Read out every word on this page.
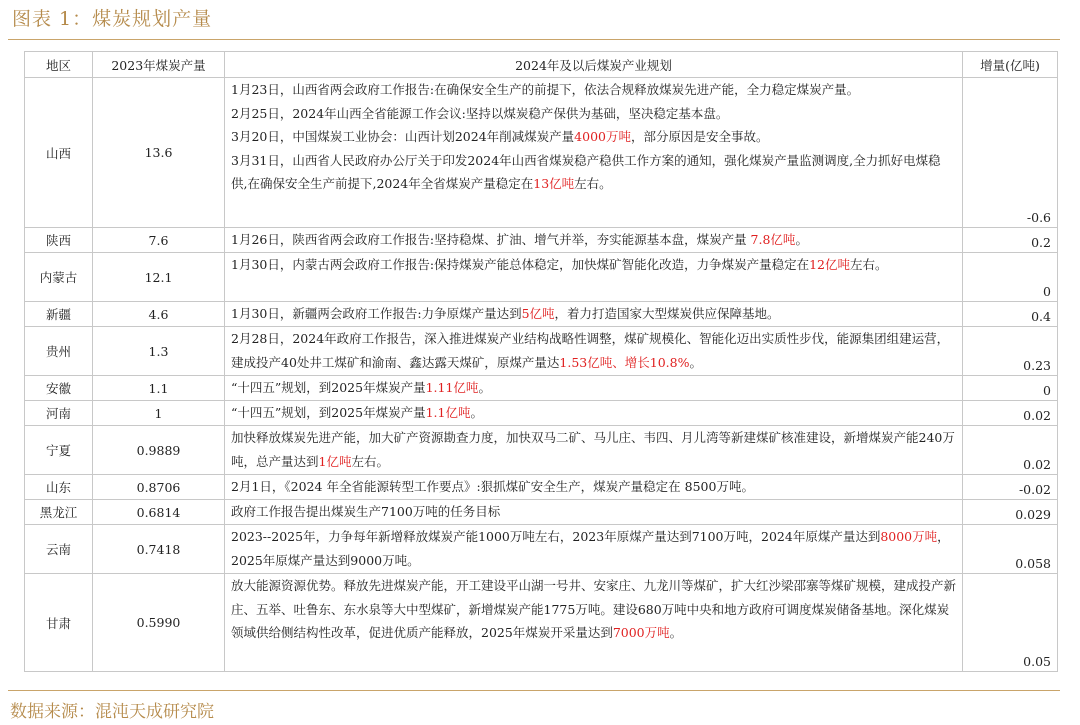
图表 1：煤炭规划产量
地区	2023年煤炭产量	2024年及以后煤炭产业规划	增量(亿吨)
山西	13.6	1月23日，山西省两会政府工作报告:在确保安全生产的前提下，依法合规释放煤炭先进产能，全力稳定煤炭产量。
2月25日，2024年山西全省能源工作会议:坚持以煤炭稳产保供为基础，坚决稳定基本盘。
3月20日，中国煤炭工业协会：山西计划2024年削减煤炭产量4000万吨，部分原因是安全事故。
3月31日，山西省人民政府办公厅关于印发2024年山西省煤炭稳产稳供工作方案的通知，强化煤炭产量监测调度,全力抓好电煤稳供,在确保安全生产前提下,2024年全省煤炭产量稳定在13亿吨左右。	-0.6
陕西	7.6	1月26日，陕西省两会政府工作报告:坚持稳煤、扩油、增气并举，夯实能源基本盘，煤炭产量 7.8亿吨。	0.2
内蒙古	12.1	1月30日，内蒙古两会政府工作报告:保持煤炭产能总体稳定，加快煤矿智能化改造，力争煤炭产量稳定在12亿吨左右。	0
新疆	4.6	1月30日，新疆两会政府工作报告:力争原煤产量达到5亿吨，着力打造国家大型煤炭供应保障基地。	0.4
贵州	1.3	2月28日，2024年政府工作报告，深入推进煤炭产业结构战略性调整，煤矿规模化、智能化迈出实质性步伐，能源集团组建运营，建成投产40处井工煤矿和渝南、鑫达露天煤矿，原煤产量达1.53亿吨、增长10.8%。	0.23
安徽	1.1	“十四五”规划，到2025年煤炭产量1.11亿吨。	0
河南	1	“十四五”规划，到2025年煤炭产量1.1亿吨。	0.02
宁夏	0.9889	加快释放煤炭先进产能，加大矿产资源勘查力度，加快双马二矿、马儿庄、韦四、月儿湾等新建煤矿核准建设，新增煤炭产能240万吨，总产量达到1亿吨左右。	0.02
山东	0.8706	2月1日，《2024 年全省能源转型工作要点》:狠抓煤矿安全生产，煤炭产量稳定在 8500万吨。	-0.02
黑龙江	0.6814	政府工作报告提出煤炭生产7100万吨的任务目标	0.029
云南	0.7418	2023--2025年，力争每年新增释放煤炭产能1000万吨左右，2023年原煤产量达到7100万吨，2024年原煤产量达到8000万吨，2025年原煤产量达到9000万吨。	0.058
甘肃	0.5990	放大能源资源优势。释放先进煤炭产能，开工建设平山湖一号井、安家庄、九龙川等煤矿，扩大红沙梁邵寨等煤矿规模，建成投产新庄、五举、吐鲁东、东水泉等大中型煤矿，新增煤炭产能1775万吨。建设680万吨中央和地方政府可调度煤炭储备基地。深化煤炭领域供给侧结构性改革，促进优质产能释放，2025年煤炭开采量达到7000万吨。	0.05
数据来源：混沌天成研究院
